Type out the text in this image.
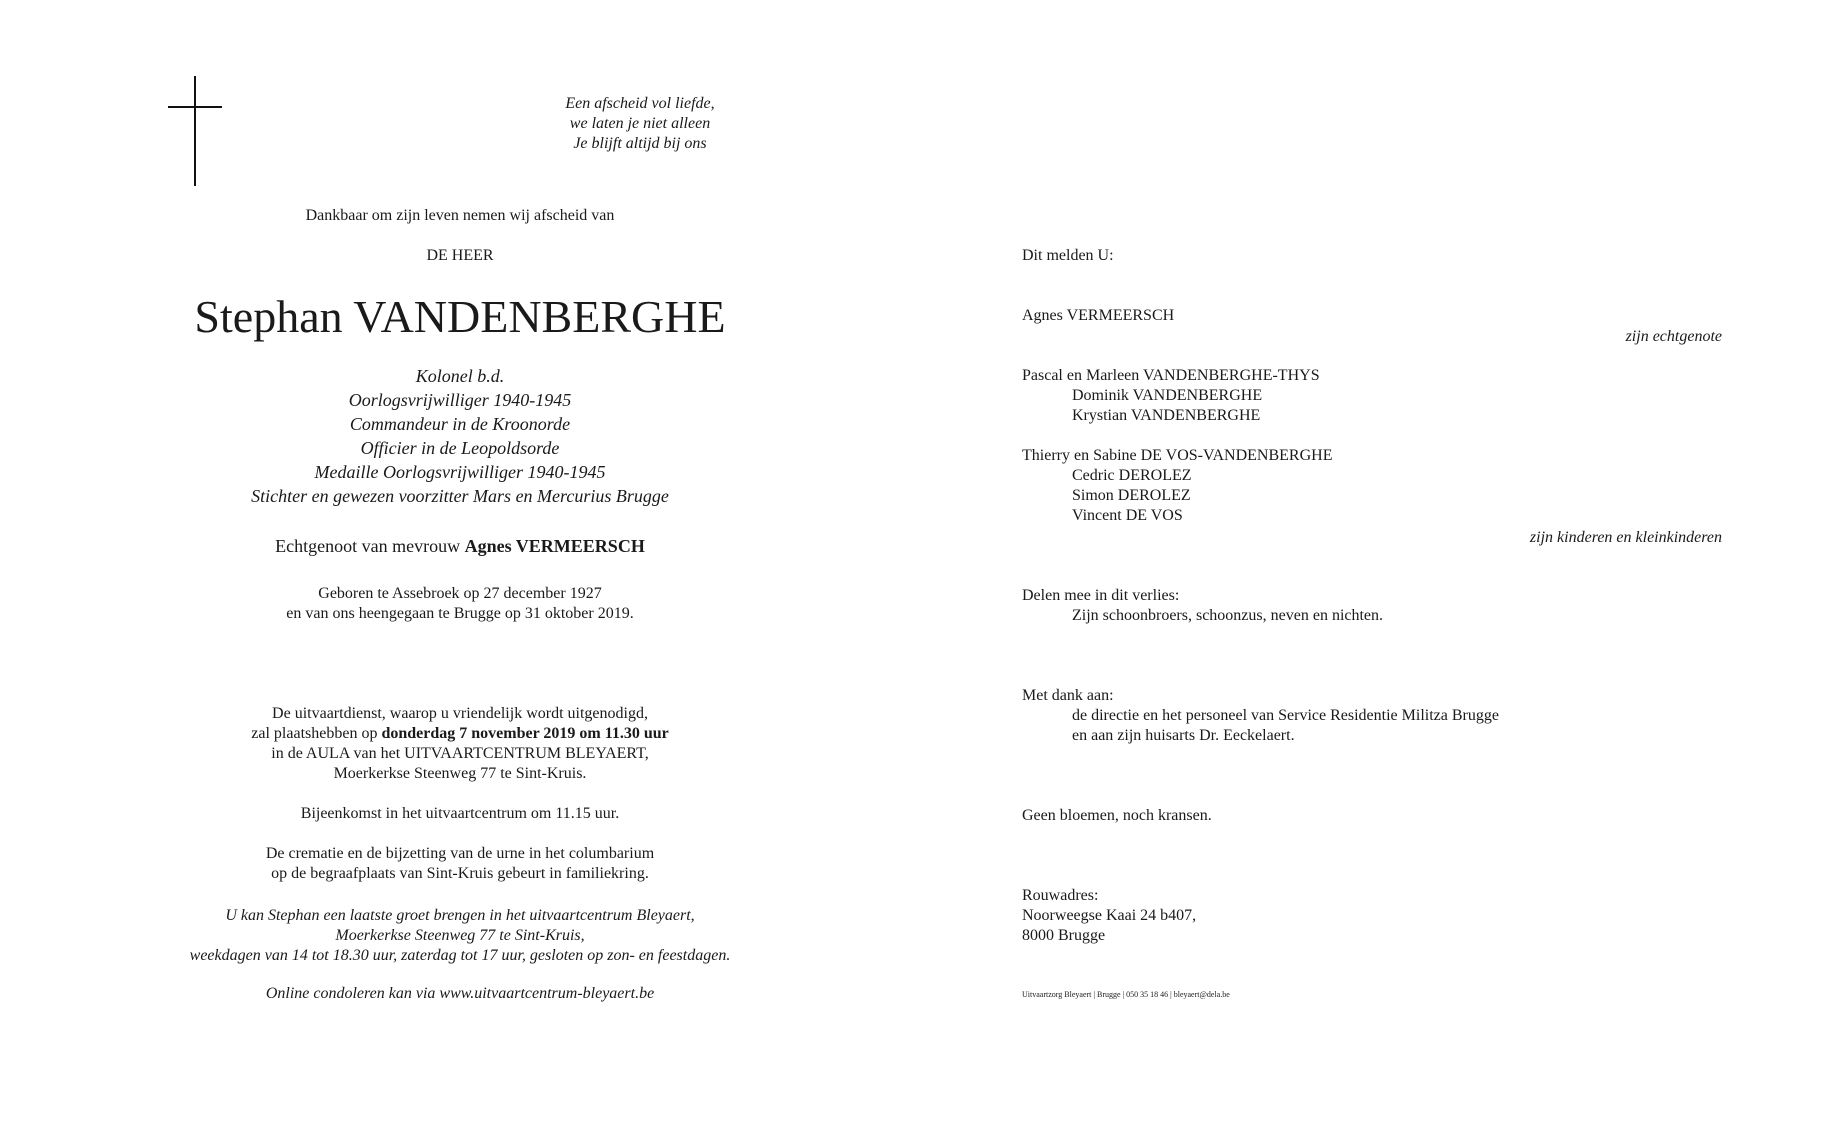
Een afscheid vol liefde,
we laten je niet alleen
Je blijft altijd bij ons
Dankbaar om zijn leven nemen wij afscheid van
DE HEER
Stephan VANDENBERGHE
Kolonel b.d.
Oorlogsvrijwilliger 1940-1945
Commandeur in de Kroonorde
Officier in de Leopoldsorde
Medaille Oorlogsvrijwilliger 1940-1945
Stichter en gewezen voorzitter Mars en Mercurius Brugge
Echtgenoot van mevrouw Agnes VERMEERSCH
Geboren te Assebroek op 27 december 1927
en van ons heengegaan te Brugge op 31 oktober 2019.
De uitvaartdienst, waarop u vriendelijk wordt uitgenodigd,
zal plaatshebben op donderdag 7 november 2019 om 11.30 uur
in de AULA van het UITVAARTCENTRUM BLEYAERT,
Moerkerkse Steenweg 77 te Sint-Kruis.
Bijeenkomst in het uitvaartcentrum om 11.15 uur.
De crematie en de bijzetting van de urne in het columbarium
op de begraafplaats van Sint-Kruis gebeurt in familiekring.
U kan Stephan een laatste groet brengen in het uitvaartcentrum Bleyaert,
Moerkerkse Steenweg 77 te Sint-Kruis,
weekdagen van 14 tot 18.30 uur, zaterdag tot 17 uur, gesloten op zon- en feestdagen.
Online condoleren kan via www.uitvaartcentrum-bleyaert.be
Dit melden U:
Agnes VERMEERSCH
zijn echtgenote
Pascal en Marleen VANDENBERGHE-THYS
Dominik VANDENBERGHE
Krystian VANDENBERGHE
Thierry en Sabine DE VOS-VANDENBERGHE
Cedric DEROLEZ
Simon DEROLEZ
Vincent DE VOS
zijn kinderen en kleinkinderen
Delen mee in dit verlies:
Zijn schoonbroers, schoonzus, neven en nichten.
Met dank aan:
de directie en het personeel van Service Residentie Militza Brugge
en aan zijn huisarts Dr. Eeckelaert.
Geen bloemen, noch kransen.
Rouwadres:
Noorweegse Kaai 24 b407,
8000 Brugge
Uitvaartzorg Bleyaert | Brugge | 050 35 18 46 | bleyaert@dela.be
